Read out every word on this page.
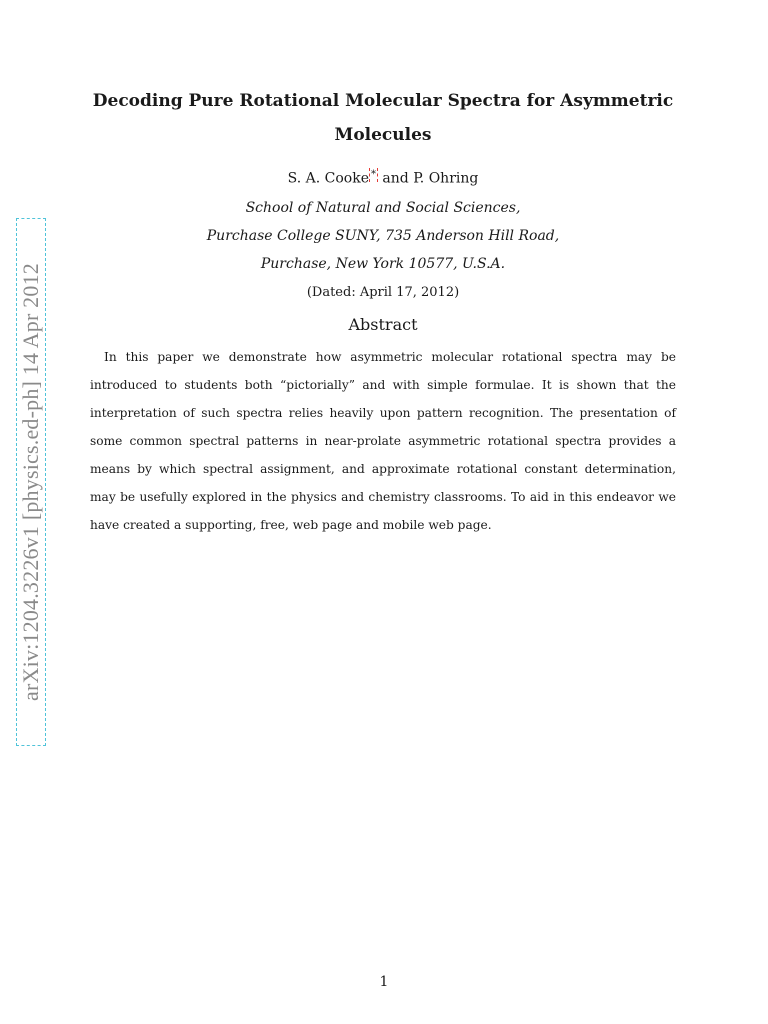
arXiv:1204.3226v1 [physics.ed-ph] 14 Apr 2012
Decoding Pure Rotational Molecular Spectra for Asymmetric Molecules
S. A. Cooke * and P. Ohring
School of Natural and Social Sciences,
Purchase College SUNY, 735 Anderson Hill Road,
Purchase, New York 10577, U.S.A.
(Dated: April 17, 2012)
Abstract

In this paper we demonstrate how asymmetric molecular rotational spectra may be introduced to students both “pictorially” and with simple formulae. It is shown that the interpretation of such spectra relies heavily upon pattern recognition. The presentation of some common spectral patterns in near-prolate asymmetric rotational spectra provides a means by which spectral assignment, and approximate rotational constant determination, may be usefully explored in the physics and chemistry classrooms. To aid in this endeavor we have created a supporting, free, web page and mobile web page.

1
